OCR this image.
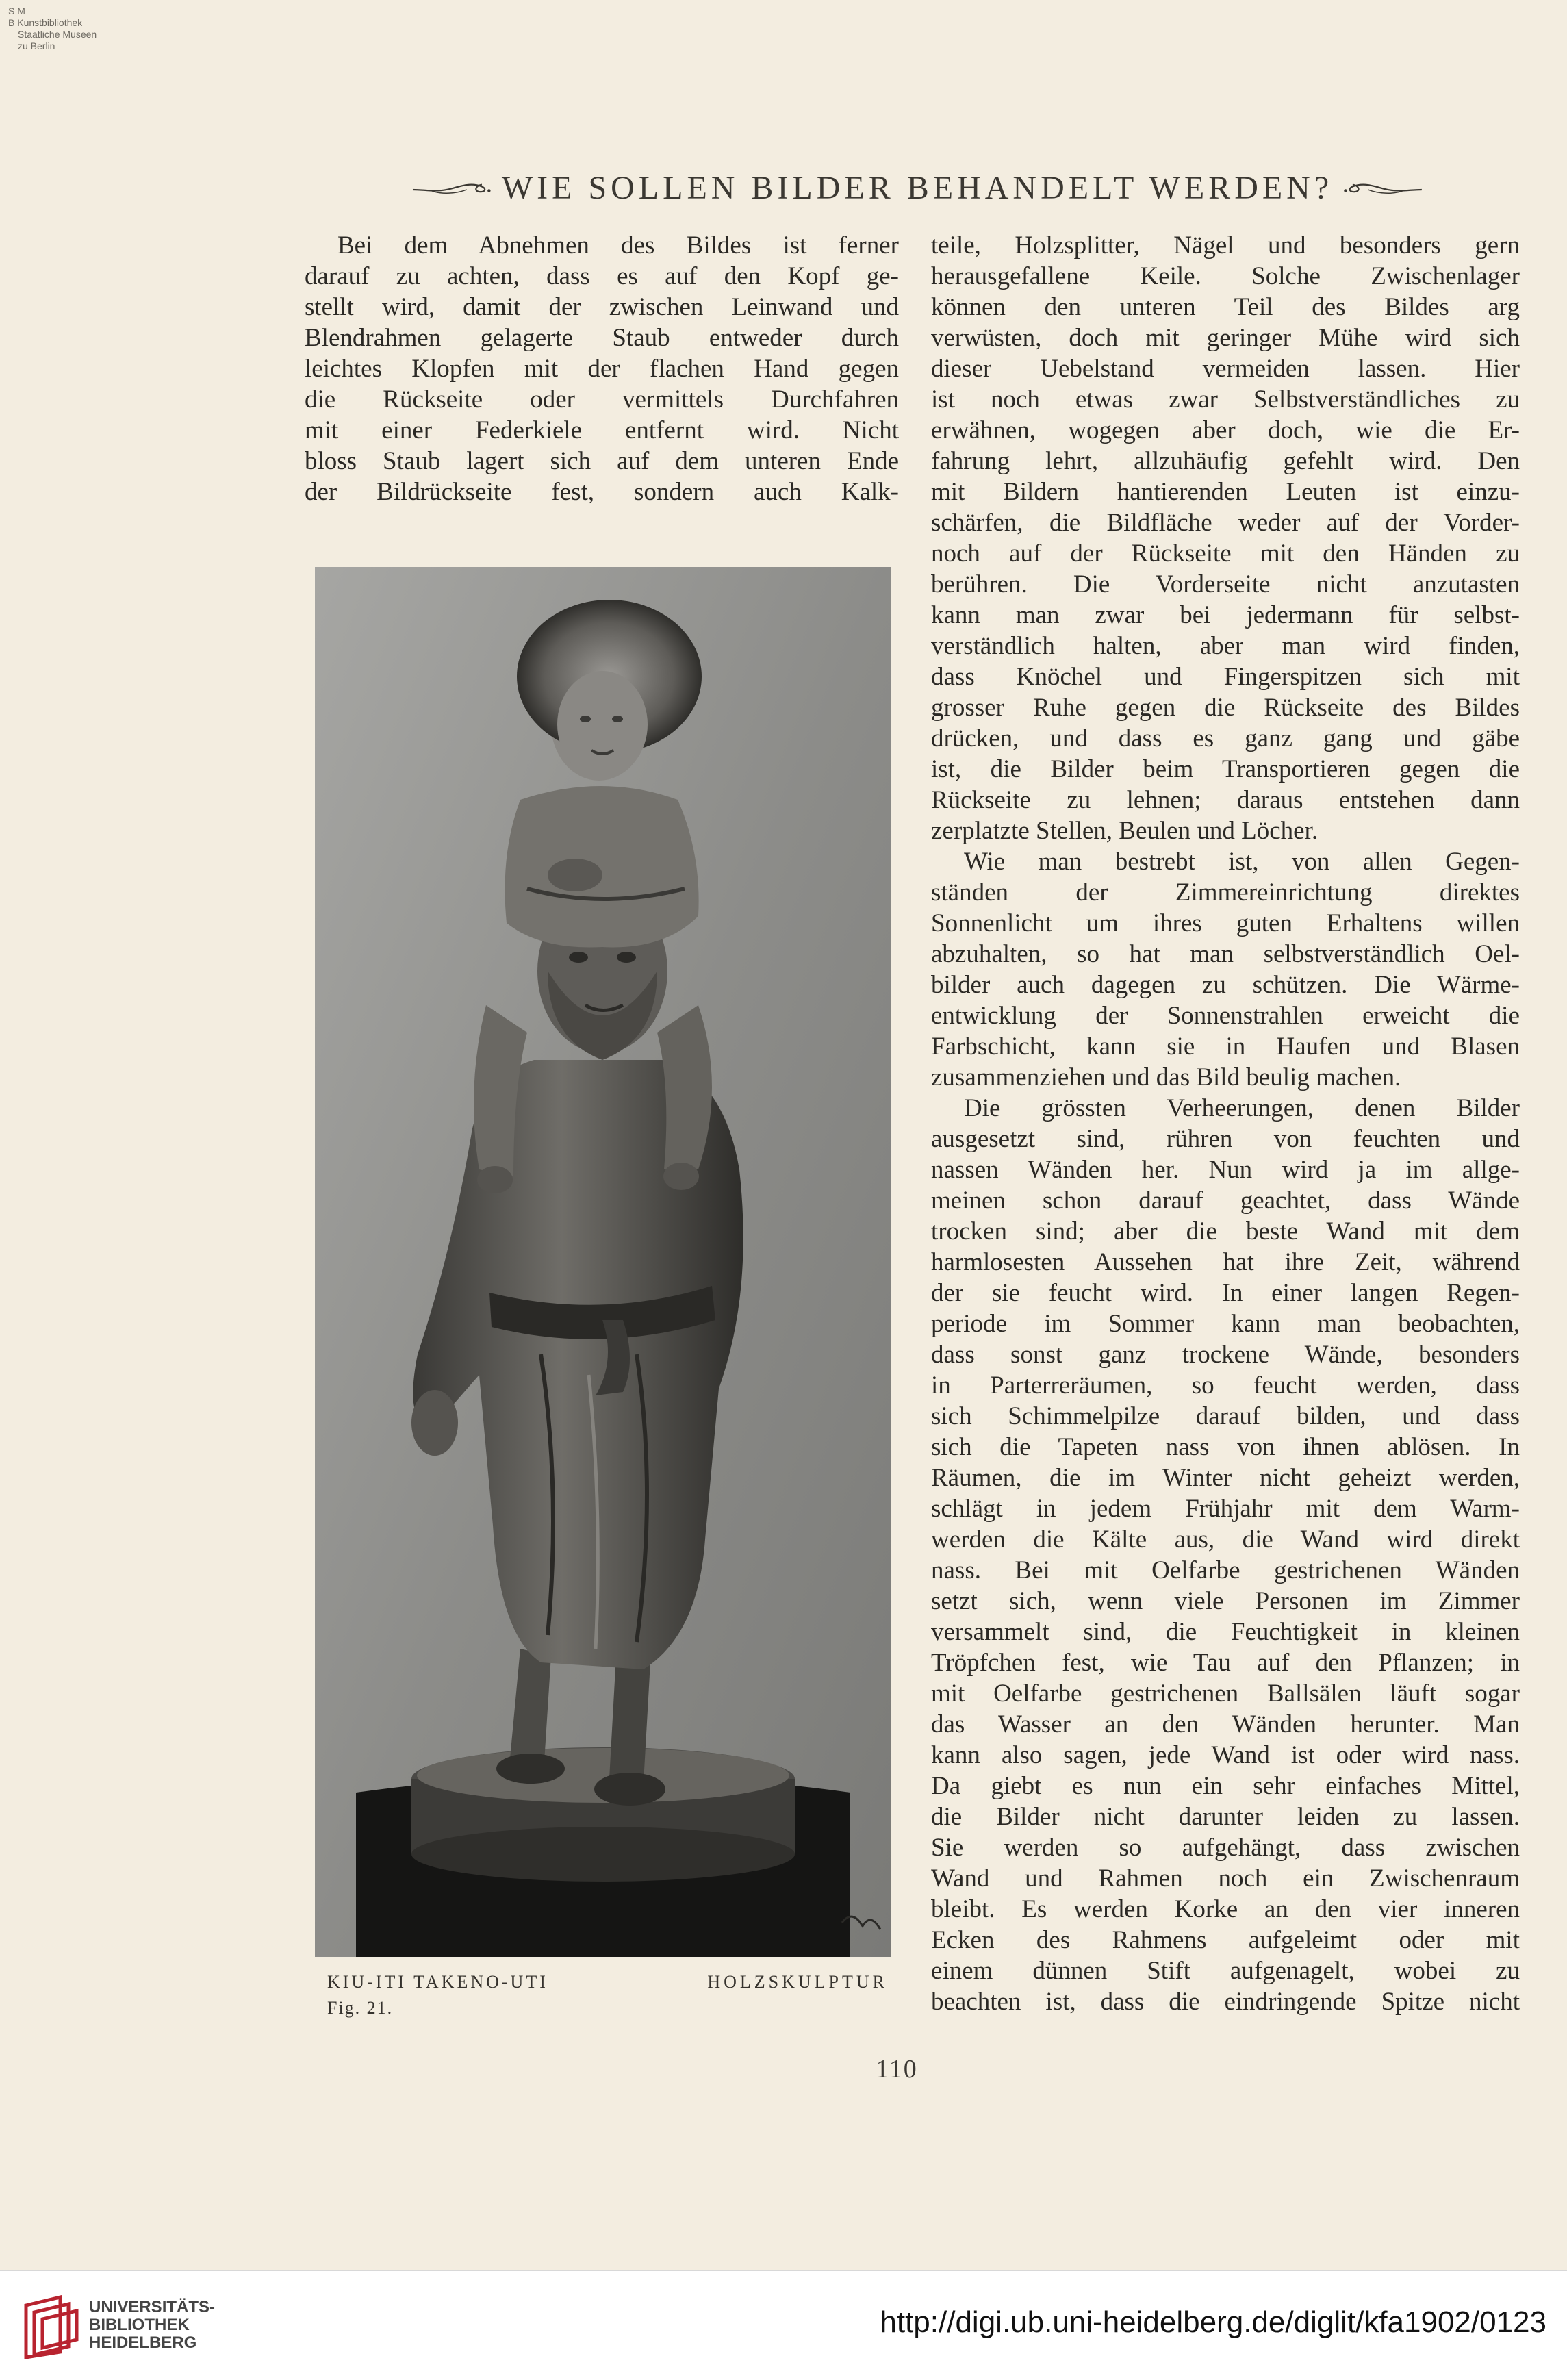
S M
B Kunstbibliothek
Staatliche Museen
zu Berlin
WIE SOLLEN BILDER BEHANDELT WERDEN?
Bei dem Abnehmen des Bildes ist ferner
darauf zu achten, dass es auf den Kopf ge-
stellt wird, damit der zwischen Leinwand und
Blendrahmen gelagerte Staub entweder durch
leichtes Klopfen mit der flachen Hand gegen
die Rückseite oder vermittels Durchfahren
mit einer Federkiele entfernt wird. Nicht
bloss Staub lagert sich auf dem unteren Ende
der Bildrückseite fest, sondern auch Kalk-
teile, Holzsplitter, Nägel und besonders gern
herausgefallene Keile. Solche Zwischenlager
können den unteren Teil des Bildes arg
verwüsten, doch mit geringer Mühe wird sich
dieser Uebelstand vermeiden lassen. Hier
ist noch etwas zwar Selbstverständliches zu
erwähnen, wogegen aber doch, wie die Er-
fahrung lehrt, allzuhäufig gefehlt wird. Den
mit Bildern hantierenden Leuten ist einzu-
schärfen, die Bildfläche weder auf der Vorder-
noch auf der Rückseite mit den Händen zu
berühren. Die Vorderseite nicht anzutasten
kann man zwar bei jedermann für selbst-
verständlich halten, aber man wird finden,
dass Knöchel und Fingerspitzen sich mit
grosser Ruhe gegen die Rückseite des Bildes
drücken, und dass es ganz gang und gäbe
ist, die Bilder beim Transportieren gegen die
Rückseite zu lehnen; daraus entstehen dann
zerplatzte Stellen, Beulen und Löcher.
Wie man bestrebt ist, von allen Gegen-
ständen der Zimmereinrichtung direktes
Sonnenlicht um ihres guten Erhaltens willen
abzuhalten, so hat man selbstverständlich Oel-
bilder auch dagegen zu schützen. Die Wärme-
entwicklung der Sonnenstrahlen erweicht die
Farbschicht, kann sie in Haufen und Blasen
zusammenziehen und das Bild beulig machen.
Die grössten Verheerungen, denen Bilder
ausgesetzt sind, rühren von feuchten und
nassen Wänden her. Nun wird ja im allge-
meinen schon darauf geachtet, dass Wände
trocken sind; aber die beste Wand mit dem
harmlosesten Aussehen hat ihre Zeit, während
der sie feucht wird. In einer langen Regen-
periode im Sommer kann man beobachten,
dass sonst ganz trockene Wände, besonders
in Parterreräumen, so feucht werden, dass
sich Schimmelpilze darauf bilden, und dass
sich die Tapeten nass von ihnen ablösen. In
Räumen, die im Winter nicht geheizt werden,
schlägt in jedem Frühjahr mit dem Warm-
werden die Kälte aus, die Wand wird direkt
nass. Bei mit Oelfarbe gestrichenen Wänden
setzt sich, wenn viele Personen im Zimmer
versammelt sind, die Feuchtigkeit in kleinen
Tröpfchen fest, wie Tau auf den Pflanzen; in
mit Oelfarbe gestrichenen Ballsälen läuft sogar
das Wasser an den Wänden herunter. Man
kann also sagen, jede Wand ist oder wird nass.
Da giebt es nun ein sehr einfaches Mittel,
die Bilder nicht darunter leiden zu lassen.
Sie werden so aufgehängt, dass zwischen
Wand und Rahmen noch ein Zwischenraum
bleibt. Es werden Korke an den vier inneren
Ecken des Rahmens aufgeleimt oder mit
einem dünnen Stift aufgenagelt, wobei zu
beachten ist, dass die eindringende Spitze nicht
KIU-ITI TAKENO-UTI	HOLZSKULPTUR
Fig. 21.
110
UNIVERSITÄTS-
BIBLIOTHEK
HEIDELBERG
http://digi.ub.uni-heidelberg.de/diglit/kfa1902/0123
